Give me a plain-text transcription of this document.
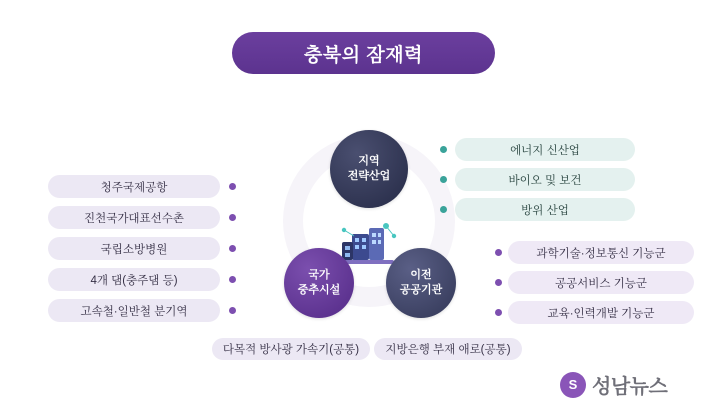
충북의 잠재력
지역
전략산업
국가
중추시설
이전
공공기관
청주국제공항
진천국가대표선수촌
국립소방병원
4개 댐(충주댐 등)
고속철·일반철 분기역
에너지 신산업
바이오 및 보건
방위 산업
과학기술·정보통신 기능군
공공서비스 기능군
교육·인력개발 기능군
다목적 방사광 가속기(공통)	지방은행 부재 애로(공통)
S 성남뉴스
